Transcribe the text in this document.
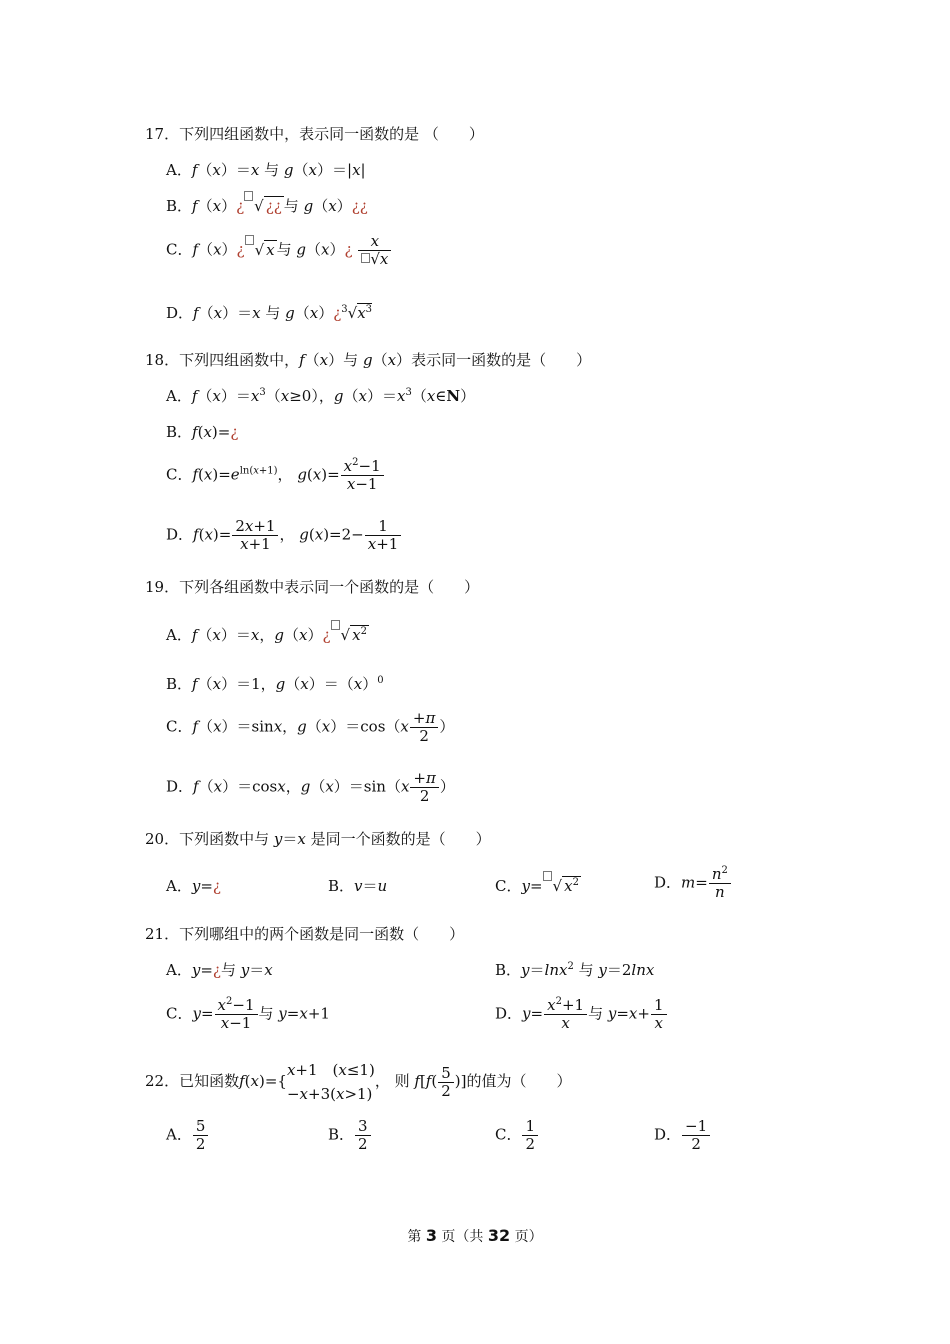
17．下列四组函数中，表示同一函数的是 （　　）
A．f（x）＝x 与 g（x）＝|x|
B．f（x）¿ √ ¿¿ 与 g（x）¿¿
C．f（x）¿ √ x 与 g（x）¿ $\frac{x}{√x}$
D．f（x）＝x 与 $g(x)¿^3√x^3$
18．下列四组函数中，f（x）与 g（x）表示同一函数的是（　　）
A．$f(x)=x^3(x\ge 0)$，$g(x)=x^3(x\in N)$
B．f(x)=¿
C．$f(x)=e^{ln(x+1)}$， $g(x)= \frac{x^2-1}{x-1}$
D．$f(x)= \frac{2x+1}{x+1}$ ， $g(x)=2- \frac{1}{x+1}$
19．下列各组函数中表示同一个函数的是（　　）
A．f（x）＝x，g（x）¿ √ $x^2$
B．f（x）＝1，$g(x)=(x)^0$
C．f（x）＝sinx，$g(x)=\cos(x \frac{+\pi}{2}$ ）
D．f（x）＝cosx，$g(x)=\sin(x \frac{+\pi}{2}$ ）
20．下列函数中与 y＝x 是同一个函数的是（　　）
A．y=¿	B．v＝u	C．y= √ $x^2$	D．$m= \frac{n^2}{n}$
21．下列哪组中的两个函数是同一函数（　　）
A．y=¿与 y＝x	B．y＝lnx$^2$ 与 y＝2lnx
C．$y= \frac{x^2-1}{x-1}$ 与 y=x+1	D．$y= \frac{x^2+1}{x}$ 与 $y=x+ \frac{1}{x}$
22．已知函数f(x)={
x+1　(x≤1)
−x+3(x>1)
， 则 $f[f( \frac{5}{2}$ )]的值为（　　）
A． $\frac{5}{2}$	B． $\frac{3}{2}$	C． $\frac{1}{2}$	D． $\frac{-1}{2}$
第 3 页（共 32 页）
